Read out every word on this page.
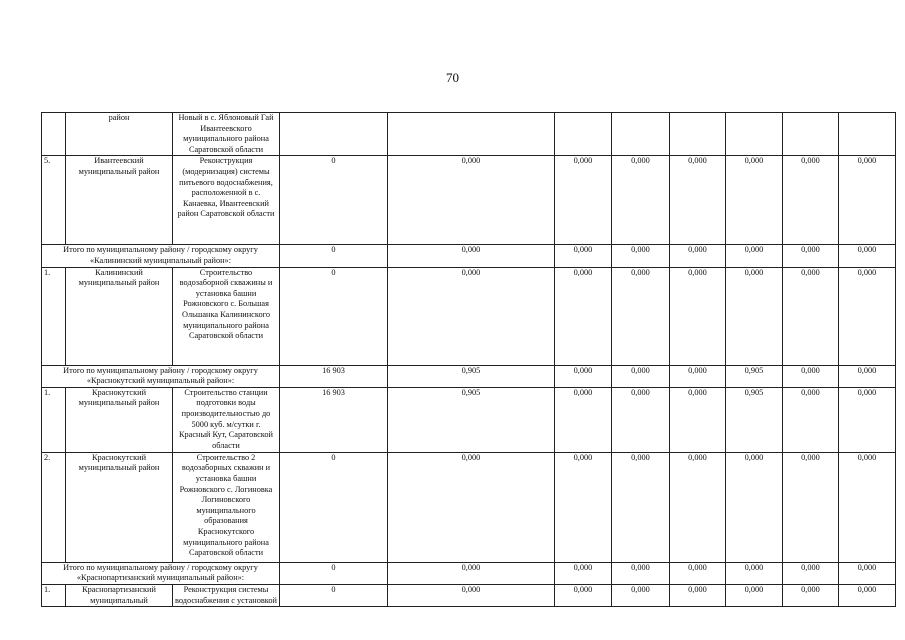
70
	район	Новый в с. Яблоновый Гай Ивантеевского муниципального района Саратовской области								
5.	Ивантеевский муниципальный район	Реконструкция (модернизация) системы питьевого водоснабжения, расположенной в с. Канаевка, Ивантеевский район Саратовской области	0	0,000	0,000	0,000	0,000	0,000	0,000	0,000
Итого по муниципальному району / городскому округу «Калининский муниципальный район»:			0	0,000	0,000	0,000	0,000	0,000	0,000	0,000
1.	Калининский муниципальный район	Строительство водозаборной скважины и установка башни Рожновского с. Большая Ольшанка Калининского муниципального района Саратовской области	0	0,000	0,000	0,000	0,000	0,000	0,000	0,000
Итого по муниципальному району / городскому округу «Краснокутский муниципальный район»:			16 903	0,905	0,000	0,000	0,000	0,905	0,000	0,000
1.	Краснокутский муниципальный район	Строительство станции подготовки воды производительностью до 5000 куб. м/сутки г. Красный Кут, Саратовской области	16 903	0,905	0,000	0,000	0,000	0,905	0,000	0,000
2.	Краснокутский муниципальный район	Строительство 2 водозаборных скважин и установка башни Рожновского с. Логиновка Логиновского муниципального образования Краснокутского муниципального района Саратовской области	0	0,000	0,000	0,000	0,000	0,000	0,000	0,000
Итого по муниципальному району / городскому округу «Краснопартизанский муниципальный район»:			0	0,000	0,000	0,000	0,000	0,000	0,000	0,000
1.	Краснопартизанский муниципальный	Реконструкция системы водоснабжения с установкой	0	0,000	0,000	0,000	0,000	0,000	0,000	0,000
